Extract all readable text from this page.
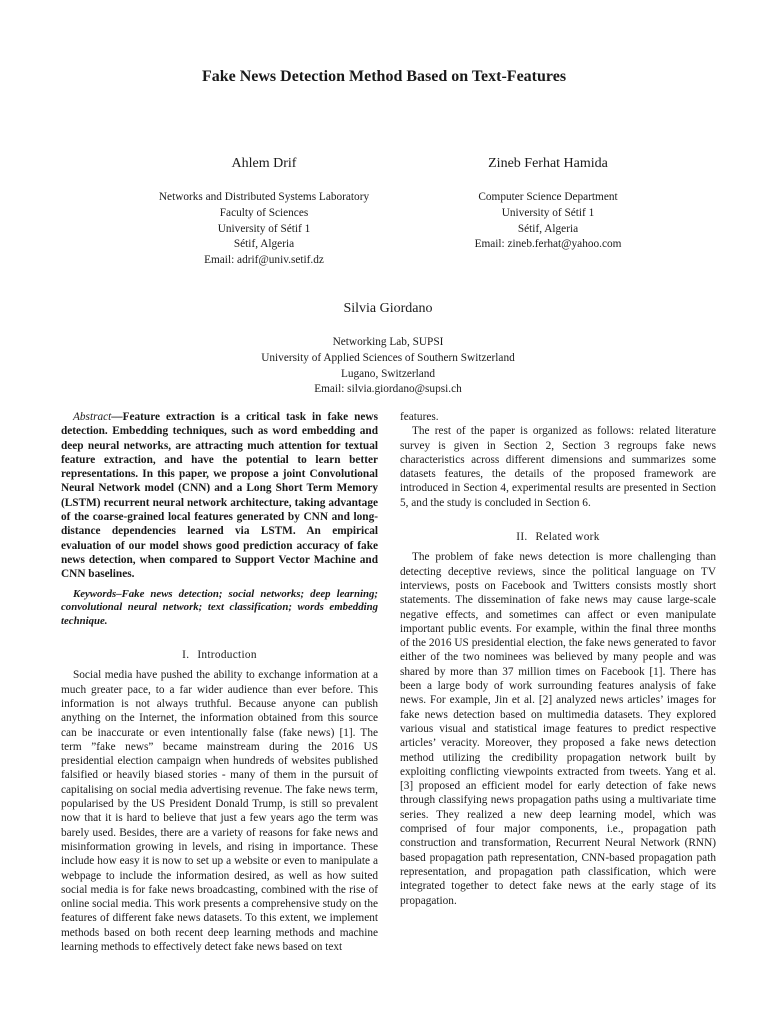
Fake News Detection Method Based on Text-Features
Ahlem Drif
Networks and Distributed Systems Laboratory
Faculty of Sciences
University of Sétif 1
Sétif, Algeria
Email: adrif@univ.setif.dz
Zineb Ferhat Hamida
Computer Science Department
University of Sétif 1
Sétif, Algeria
Email: zineb.ferhat@yahoo.com
Silvia Giordano
Networking Lab, SUPSI
University of Applied Sciences of Southern Switzerland
Lugano, Switzerland
Email: silvia.giordano@supsi.ch

Abstract—Feature extraction is a critical task in fake news detection. Embedding techniques, such as word embedding and deep neural networks, are attracting much attention for textual feature extraction, and have the potential to learn better representations. In this paper, we propose a joint Convolutional Neural Network model (CNN) and a Long Short Term Memory (LSTM) recurrent neural network architecture, taking advantage of the coarse-grained local features generated by CNN and long-distance dependencies learned via LSTM. An empirical evaluation of our model shows good prediction accuracy of fake news detection, when compared to Support Vector Machine and CNN baselines.

Keywords–Fake news detection; social networks; deep learning; convolutional neural network; text classification; words embedding technique.

I. Introduction

Social media have pushed the ability to exchange information at a much greater pace, to a far wider audience than ever before. This information is not always truthful. Because anyone can publish anything on the Internet, the information obtained from this source can be inaccurate or even intentionally false (fake news) [1]. The term ”fake news” became mainstream during the 2016 US presidential election campaign when hundreds of websites published falsified or heavily biased stories - many of them in the pursuit of capitalising on social media advertising revenue. The fake news term, popularised by the US President Donald Trump, is still so prevalent now that it is hard to believe that just a few years ago the term was barely used. Besides, there are a variety of reasons for fake news and misinformation growing in levels, and rising in importance. These include how easy it is now to set up a website or even to manipulate a webpage to include the information desired, as well as how suited social media is for fake news broadcasting, combined with the rise of online social media. This work presents a comprehensive study on the features of different fake news datasets. To this extent, we implement methods based on both recent deep learning methods and machine learning methods to effectively detect fake news based on text

features.

The rest of the paper is organized as follows: related literature survey is given in Section 2, Section 3 regroups fake news characteristics across different dimensions and summarizes some datasets features, the details of the proposed framework are introduced in Section 4, experimental results are presented in Section 5, and the study is concluded in Section 6.

II. Related work

The problem of fake news detection is more challenging than detecting deceptive reviews, since the political language on TV interviews, posts on Facebook and Twitters consists mostly short statements. The dissemination of fake news may cause large-scale negative effects, and sometimes can affect or even manipulate important public events. For example, within the final three months of the 2016 US presidential election, the fake news generated to favor either of the two nominees was believed by many people and was shared by more than 37 million times on Facebook [1]. There has been a large body of work surrounding features analysis of fake news. For example, Jin et al. [2] analyzed news articles’ images for fake news detection based on multimedia datasets. They explored various visual and statistical image features to predict respective articles’ veracity. Moreover, they proposed a fake news detection method utilizing the credibility propagation network built by exploiting conflicting viewpoints extracted from tweets. Yang et al. [3] proposed an efficient model for early detection of fake news through classifying news propagation paths using a multivariate time series. They realized a new deep learning model, which was comprised of four major components, i.e., propagation path construction and transformation, Recurrent Neural Network (RNN) based propagation path representation, CNN-based propagation path representation, and propagation path classification, which were integrated together to detect fake news at the early stage of its propagation.
